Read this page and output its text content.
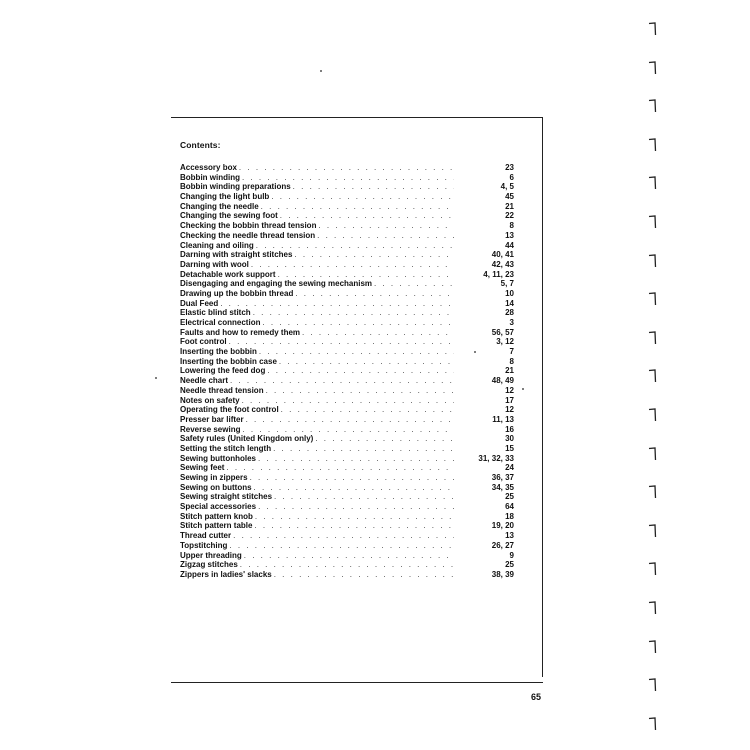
Contents:
Accessory box . . .	23
Bobbin winding . . .	6
Bobbin winding preparations . . .	4, 5
Changing the light bulb . . .	45
Changing the needle . . .	21
Changing the sewing foot . . .	22
Checking the bobbin thread tension . . .	8
Checking the needle thread tension . . .	13
Cleaning and oiling . . .	44
Darning with straight stitches . . .	40, 41
Darning with wool . . .	42, 43
Detachable work support . . .	4, 11, 23
Disengaging and engaging the sewing mechanism . . .	5, 7
Drawing up the bobbin thread . . .	10
Dual Feed . . .	14
Elastic blind stitch . . .	28
Electrical connection . . .	3
Faults and how to remedy them . . .	56, 57
Foot control . . .	3, 12
Inserting the bobbin . . .	7
Inserting the bobbin case . . .	8
Lowering the feed dog . . .	21
Needle chart . . .	48, 49
Needle thread tension . . .	12
Notes on safety . . .	17
Operating the foot control . . .	12
Presser bar lifter . . .	11, 13
Reverse sewing . . .	16
Safety rules (United Kingdom only) . . .	30
Setting the stitch length . . .	15
Sewing buttonholes . . .	31, 32, 33
Sewing feet . . .	24
Sewing in zippers . . .	36, 37
Sewing on buttons . . .	34, 35
Sewing straight stitches . . .	25
Special accessories . . .	64
Stitch pattern knob . . .	18
Stitch pattern table . . .	19, 20
Thread cutter . . .	13
Topstitching . . .	26, 27
Upper threading . . .	9
Zigzag stitches . . .	25
Zippers in ladies' slacks . . .	38, 39
65
